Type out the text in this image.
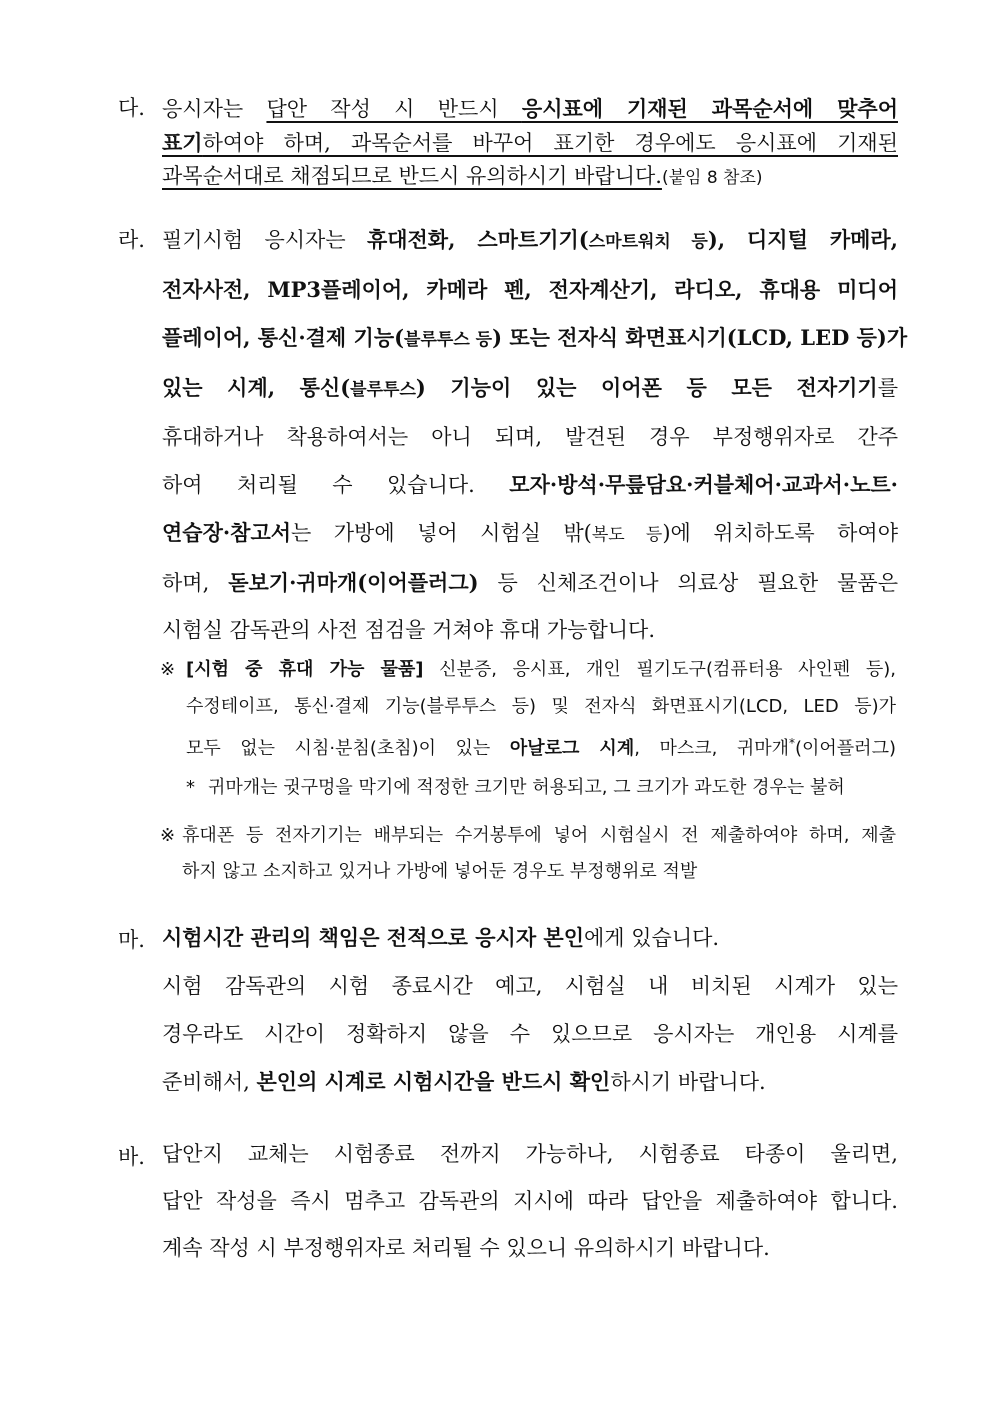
다. 응시자는 답안 작성 시 반드시 응시표에 기재된 과목순서에 맞추어
표기하여야 하며, 과목순서를 바꾸어 표기한 경우에도 응시표에 기재된
과목순서대로 채점되므로 반드시 유의하시기 바랍니다.(붙임 8 참조)
라. 필기시험 응시자는 휴대전화, 스마트기기(스마트워치 등), 디지털 카메라,
전자사전, MP3플레이어, 카메라 펜, 전자계산기, 라디오, 휴대용 미디어
플레이어, 통신·결제 기능(블루투스 등) 또는 전자식 화면표시기(LCD, LED 등)가
있는 시계, 통신(블루투스) 기능이 있는 이어폰 등 모든 전자기기를
휴대하거나 착용하여서는 아니 되며, 발견된 경우 부정행위자로 간주
하여 처리될 수 있습니다. 모자·방석·무릎담요·커블체어·교과서·노트·
연습장·참고서는 가방에 넣어 시험실 밖(복도 등)에 위치하도록 하여야
하며, 돋보기·귀마개(이어플러그) 등 신체조건이나 의료상 필요한 물품은
시험실 감독관의 사전 점검을 거쳐야 휴대 가능합니다.
※ [시험 중 휴대 가능 물품] 신분증, 응시표, 개인 필기도구(컴퓨터용 사인펜 등),
수정테이프, 통신·결제 기능(블루투스 등) 및 전자식 화면표시기(LCD, LED 등)가
모두 없는 시침·분침(초침)이 있는 아날로그 시계, 마스크, 귀마개*(이어플러그)
* 귀마개는 귓구멍을 막기에 적정한 크기만 허용되고, 그 크기가 과도한 경우는 불허
※ 휴대폰 등 전자기기는 배부되는 수거봉투에 넣어 시험실시 전 제출하여야 하며, 제출
하지 않고 소지하고 있거나 가방에 넣어둔 경우도 부정행위로 적발
마. 시험시간 관리의 책임은 전적으로 응시자 본인에게 있습니다.
시험 감독관의 시험 종료시간 예고, 시험실 내 비치된 시계가 있는
경우라도 시간이 정확하지 않을 수 있으므로 응시자는 개인용 시계를
준비해서, 본인의 시계로 시험시간을 반드시 확인하시기 바랍니다.
바. 답안지 교체는 시험종료 전까지 가능하나, 시험종료 타종이 울리면,
답안 작성을 즉시 멈추고 감독관의 지시에 따라 답안을 제출하여야 합니다.
계속 작성 시 부정행위자로 처리될 수 있으니 유의하시기 바랍니다.
